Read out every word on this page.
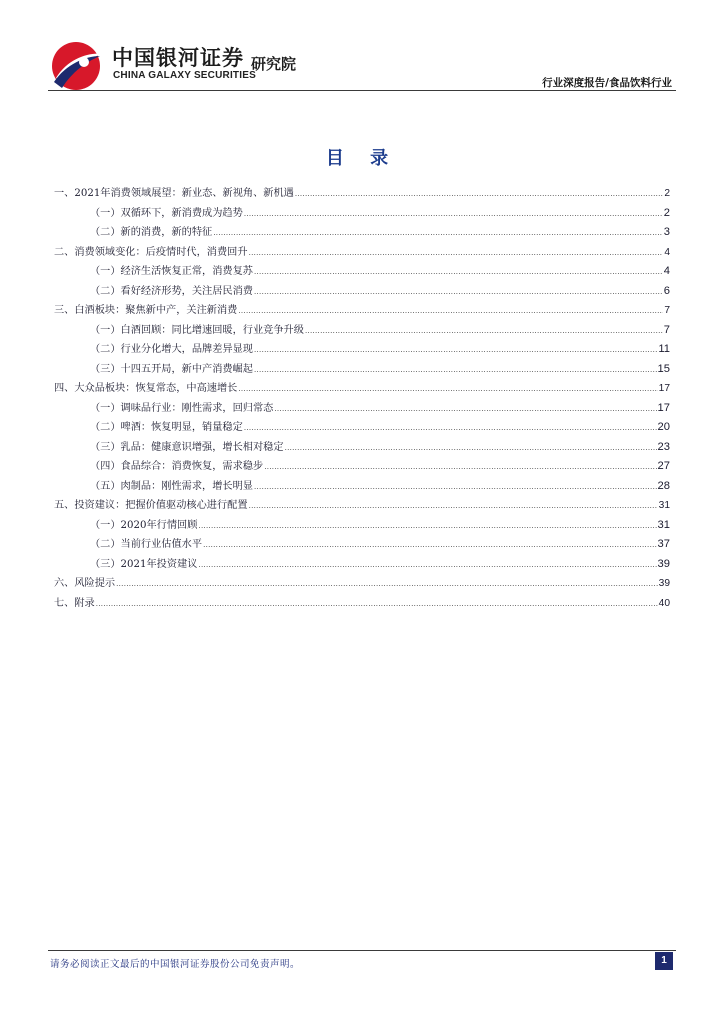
中国银河证券
CHINA GALAXY SECURITIES
研究院
行业深度报告/食品饮料行业
目 录
一、2021年消费领域展望：新业态、新视角、新机遇 .....	2
（一）双循环下，新消费成为趋势 .....	2
（二）新的消费，新的特征 .....	3
二、消费领域变化：后疫情时代，消费回升 .....	4
（一）经济生活恢复正常，消费复苏 .....	4
（二）看好经济形势，关注居民消费 .....	6
三、白酒板块：聚焦新中产，关注新消费 .....	7
（一）白酒回顾：同比增速回暖，行业竞争升级 .....	7
（二）行业分化增大，品牌差异显现 .....	11
（三）十四五开局，新中产消费崛起 .....	15
四、大众品板块：恢复常态，中高速增长 .....	17
（一）调味品行业：刚性需求，回归常态 .....	17
（二）啤酒：恢复明显，销量稳定 .....	20
（三）乳品：健康意识增强，增长相对稳定 .....	23
（四）食品综合：消费恢复，需求稳步 .....	27
（五）肉制品：刚性需求，增长明显 .....	28
五、投资建议：把握价值驱动核心进行配置 .....	31
（一）2020年行情回顾 .....	31
（二）当前行业估值水平 .....	37
（三）2021年投资建议 .....	39
六、风险提示 .....	39
七、附录 .....	40
请务必阅读正文最后的中国银河证券股份公司免责声明。	1
